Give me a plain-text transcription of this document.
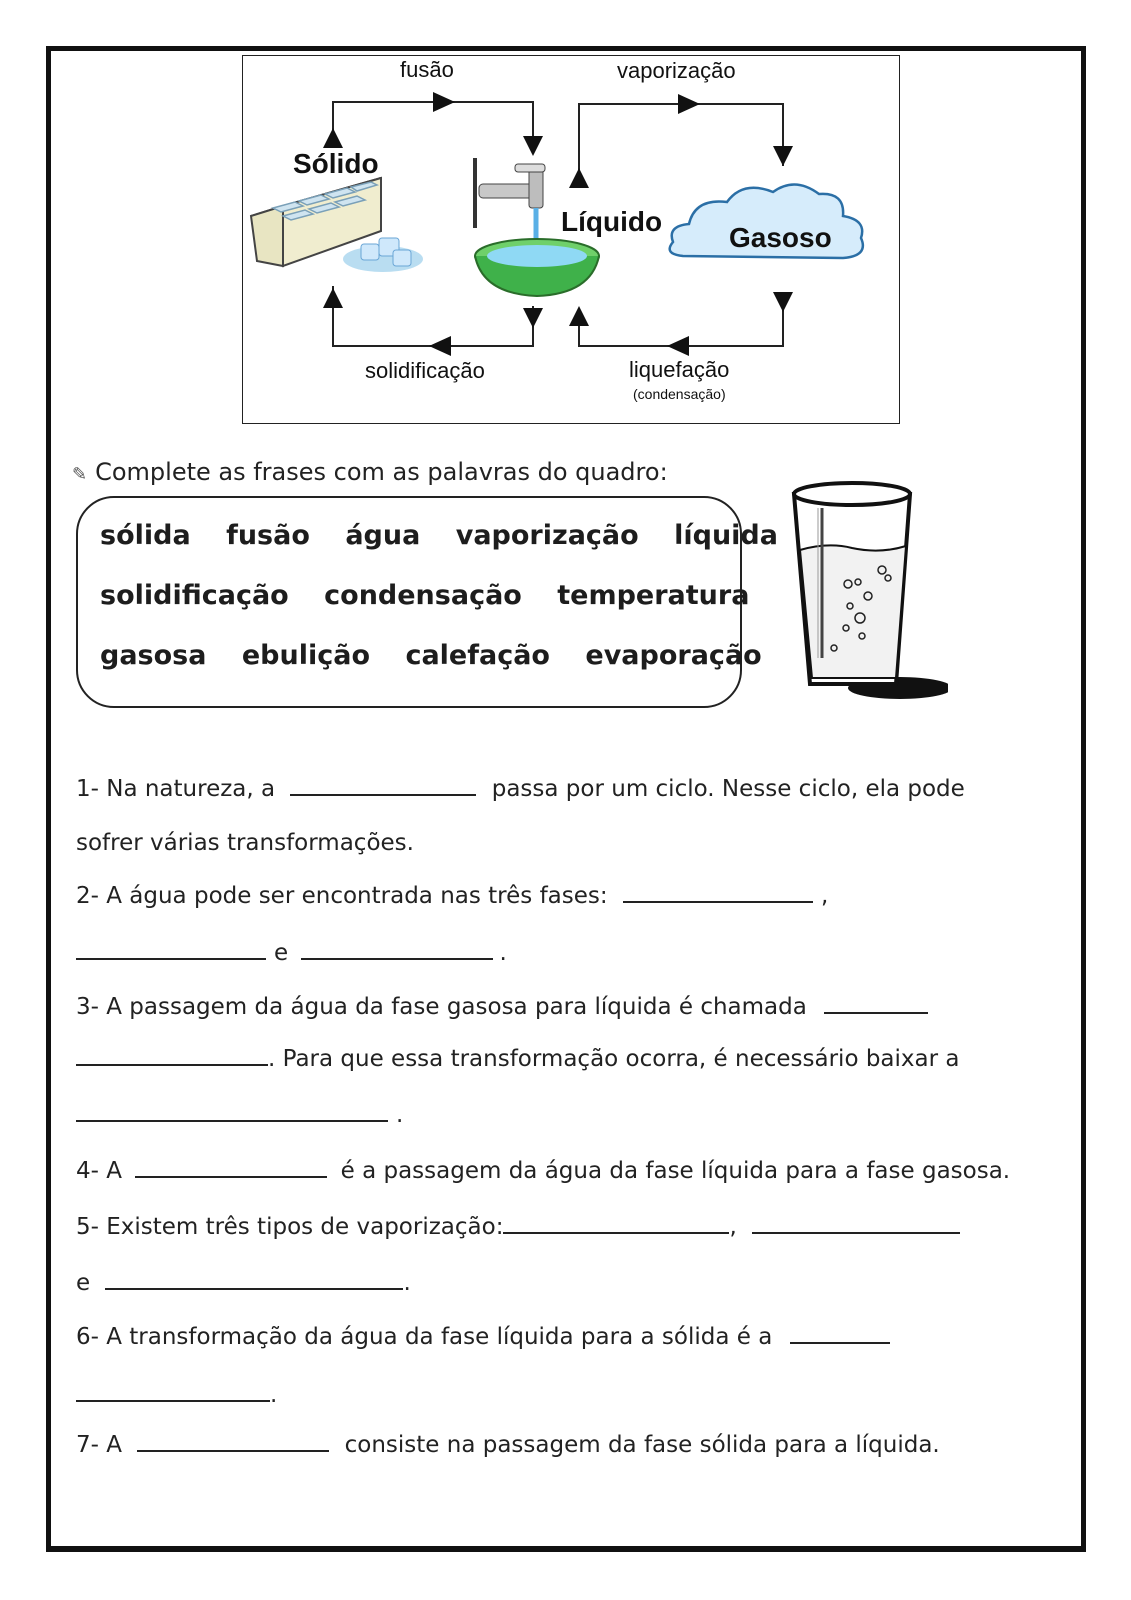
fusão	vaporização
solidificação	liquefação
(condensação)
Sólido
Líquido
Gasoso
✎ Complete as frases com as palavras do quadro:
sólida fusão água vaporização líquida
solidificação condensação temperatura
gasosa ebulição calefação evaporação
1- Na natureza, a	passa por um ciclo. Nesse ciclo, ela pode
sofrer várias transformações.
2- A água pode ser encontrada nas três fases:	,
e	.
3- A passagem da água da fase gasosa para líquida é chamada
. Para que essa transformação ocorra, é necessário baixar a
.
4- A	é a passagem da água da fase líquida para a fase gasosa.
5- Existem três tipos de vaporização:	,
e	.
6- A transformação da água da fase líquida para a sólida é a
.
7- A	consiste na passagem da fase sólida para a líquida.
